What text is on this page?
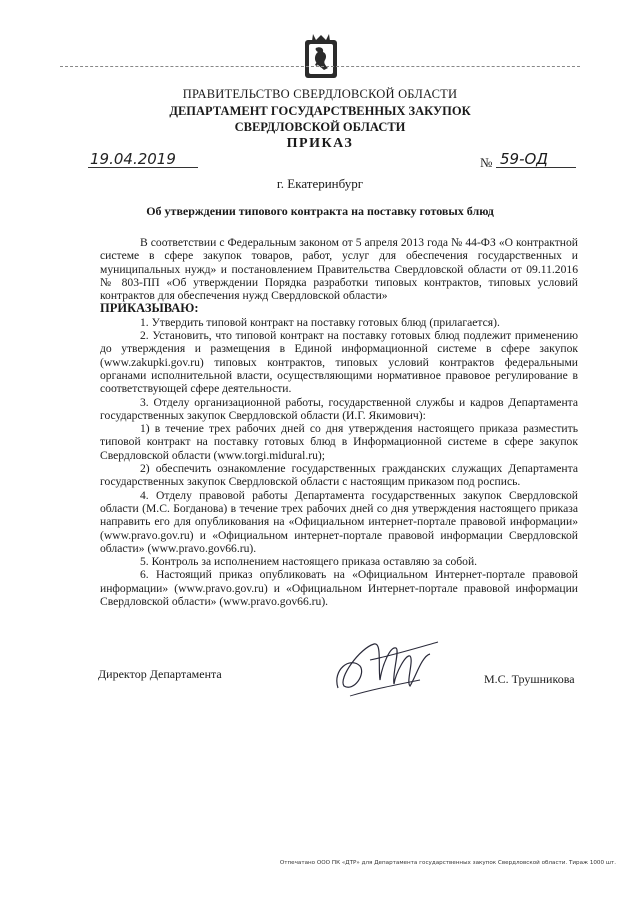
ПРАВИТЕЛЬСТВО СВЕРДЛОВСКОЙ ОБЛАСТИ
ДЕПАРТАМЕНТ ГОСУДАРСТВЕННЫХ ЗАКУПОК
СВЕРДЛОВСКОЙ ОБЛАСТИ
ПРИКАЗ
19.04.2019	№ 59-ОД
г. Екатеринбург
Об утверждении типового контракта на поставку готовых блюд

В соответствии с Федеральным законом от 5 апреля 2013 года № 44-ФЗ «О контрактной системе в сфере закупок товаров, работ, услуг для обеспечения государственных и муниципальных нужд» и постановлением Правительства Свердловской области от 09.11.2016 № 803-ПП «Об утверждении Порядка разработки типовых контрактов, типовых условий контрактов для обеспечения нужд Свердловской области»

ПРИКАЗЫВАЮ:

1. Утвердить типовой контракт на поставку готовых блюд (прилагается).

2. Установить, что типовой контракт на поставку готовых блюд подлежит применению до утверждения и размещения в Единой информационной системе в сфере закупок (www.zakupki.gov.ru) типовых контрактов, типовых условий контрактов федеральными органами исполнительной власти, осуществляющими нормативное правовое регулирование в соответствующей сфере деятельности.

3. Отделу организационной работы, государственной службы и кадров Департамента государственных закупок Свердловской области (И.Г. Якимович):

1) в течение трех рабочих дней со дня утверждения настоящего приказа разместить типовой контракт на поставку готовых блюд в Информационной системе в сфере закупок Свердловской области (www.torgi.midural.ru);

2) обеспечить ознакомление государственных гражданских служащих Департамента государственных закупок Свердловской области с настоящим приказом под роспись.

4. Отделу правовой работы Департамента государственных закупок Свердловской области (М.С. Богданова) в течение трех рабочих дней со дня утверждения настоящего приказа направить его для опубликования на «Официальном интернет-портале правовой информации» (www.pravo.gov.ru) и «Официальном интернет-портале правовой информации Свердловской области» (www.pravo.gov66.ru).

5. Контроль за исполнением настоящего приказа оставляю за собой.

6. Настоящий приказ опубликовать на «Официальном Интернет-портале правовой информации» (www.pravo.gov.ru) и «Официальном Интернет-портале правовой информации Свердловской области» (www.pravo.gov66.ru).

Директор Департамента	М.С. Трушникова
Отпечатано ООО ПК «ДТР» для Департамента государственных закупок Свердловской области. Тираж 1000 шт.
